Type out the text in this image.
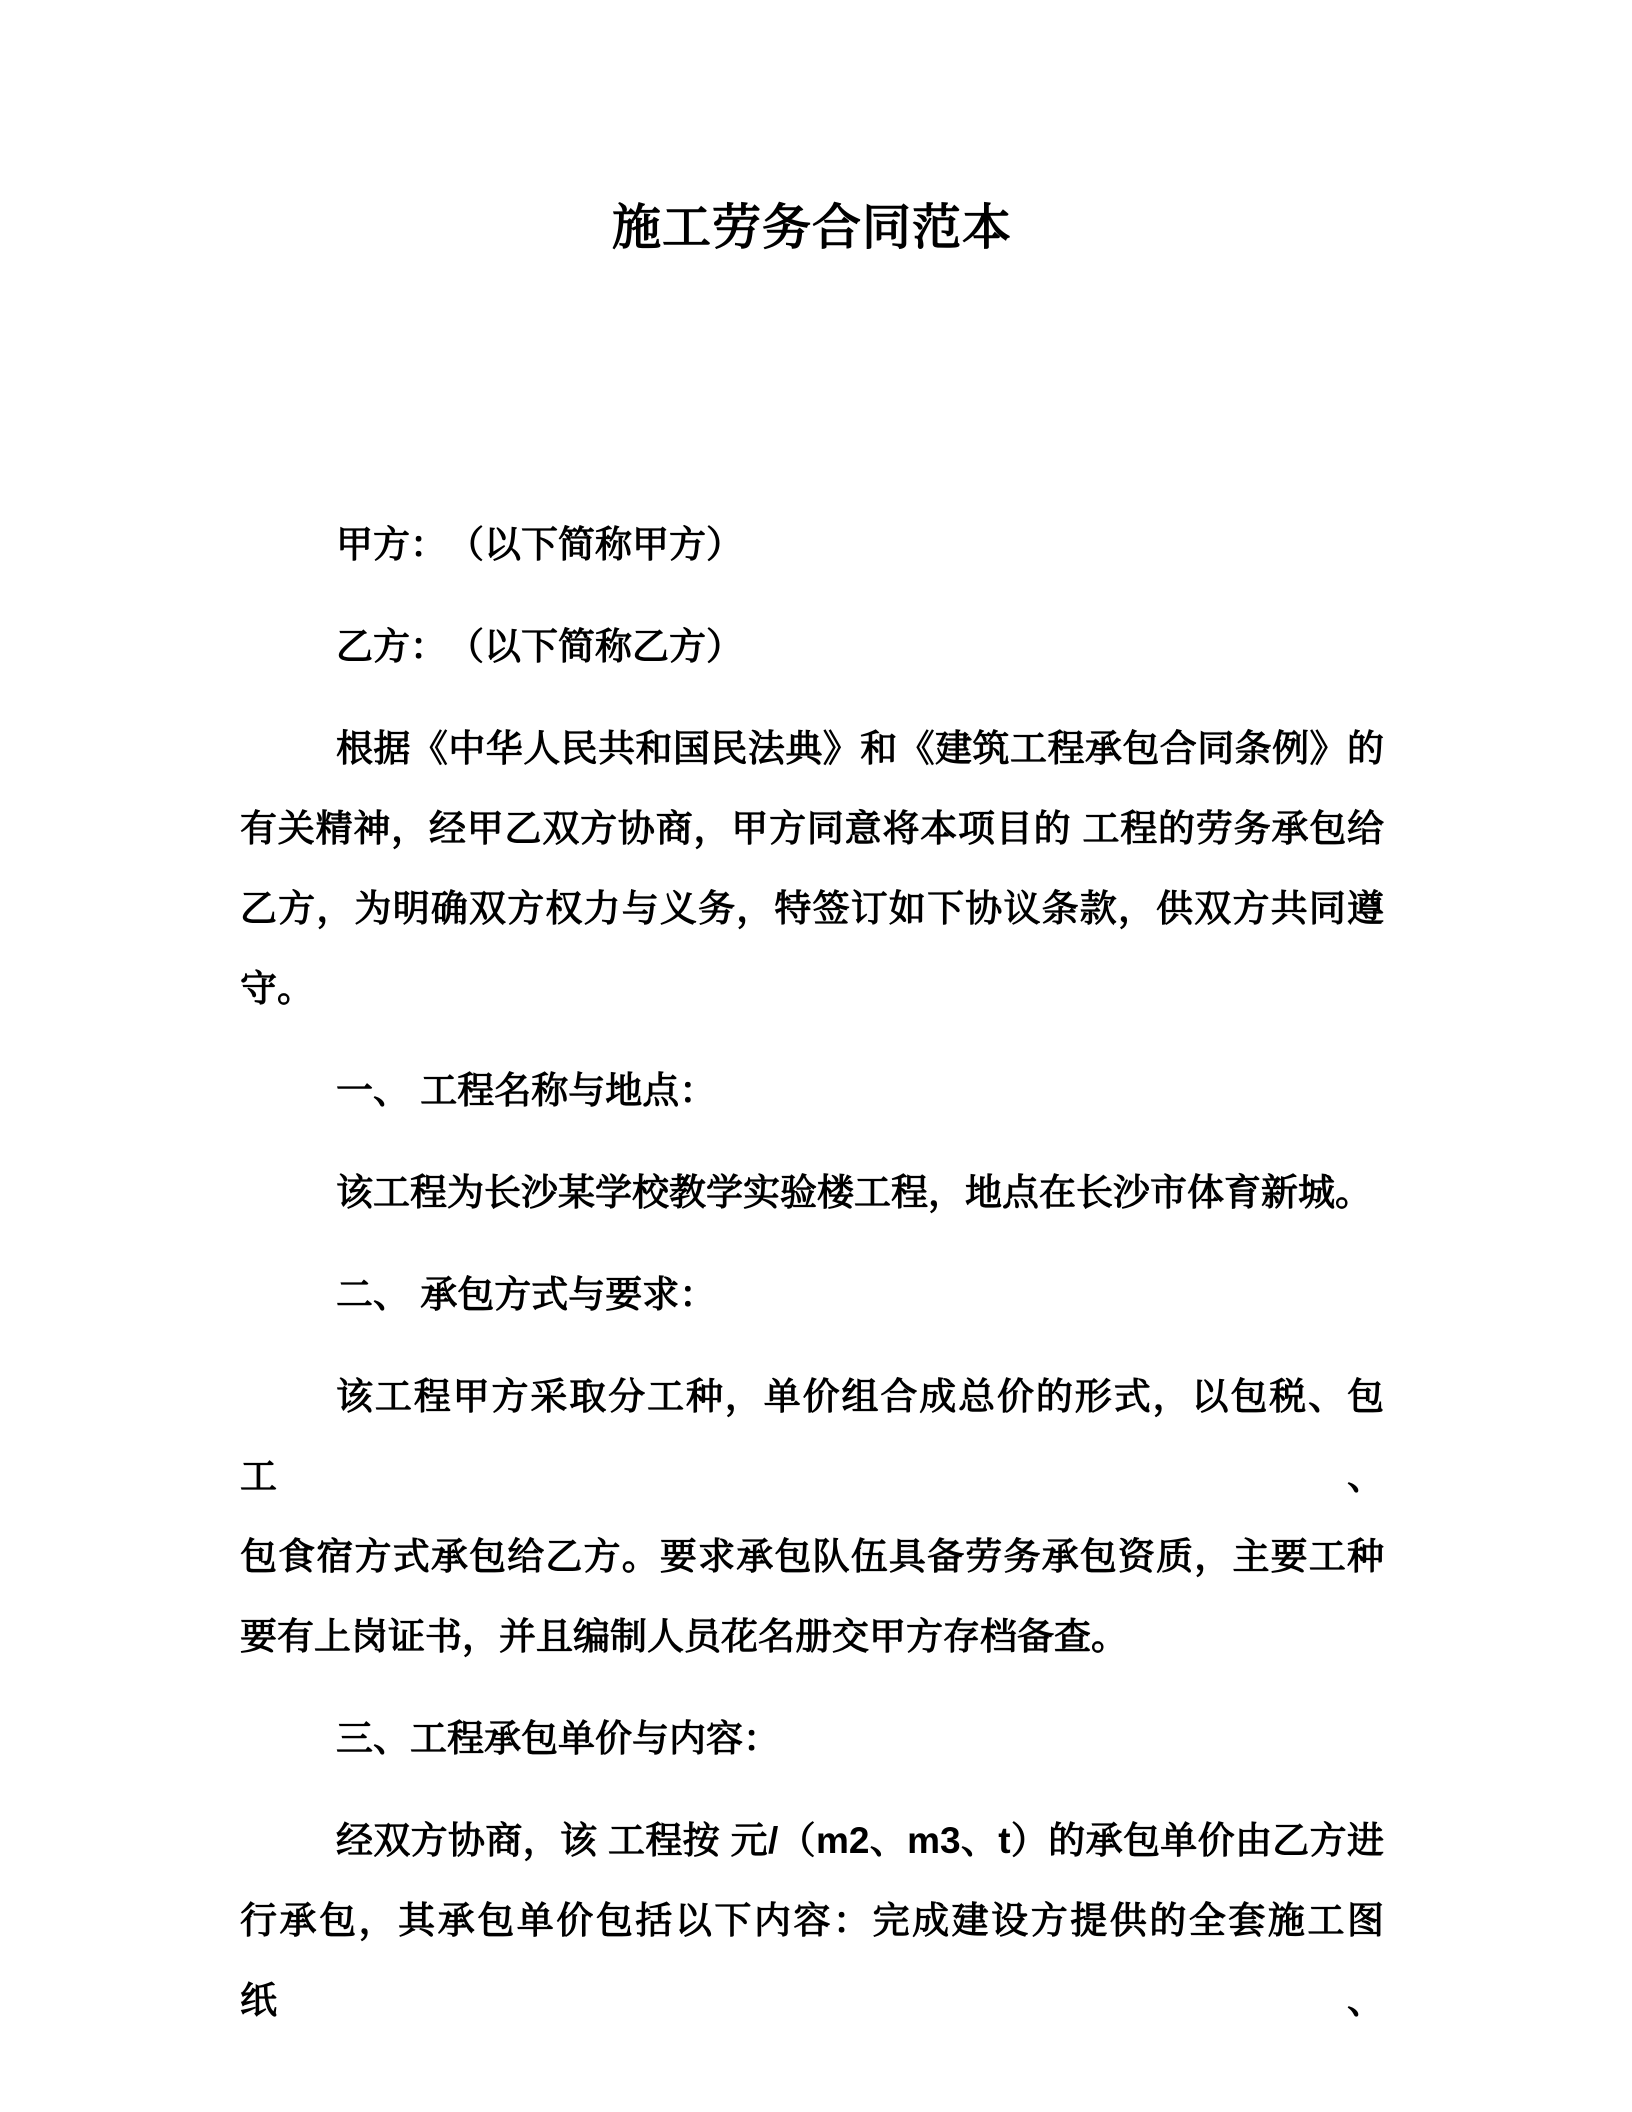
施工劳务合同范本

甲方：　（以下简称甲方）

乙方：　（以下简称乙方）

根据《中华人民共和国民法典》和《建筑工程承包合同条例》的
有关精神，经甲乙双方协商，甲方同意将本项目的 工程的劳务承包给
乙方，为明确双方权力与义务，特签订如下协议条款，供双方共同遵
守。

一、 工程名称与地点：

该工程为长沙某学校教学实验楼工程，地点在长沙市体育新城。

二、 承包方式与要求：

该工程甲方采取分工种，单价组合成总价的形式，以包税、包工、
包食宿方式承包给乙方。要求承包队伍具备劳务承包资质，主要工种
要有上岗证书，并且编制人员花名册交甲方存档备查。

三、工程承包单价与内容：

经双方协商，该 工程按 元/（m2、m3、t）的承包单价由乙方进
行承包，其承包单价包括以下内容：完成建设方提供的全套施工图纸、
